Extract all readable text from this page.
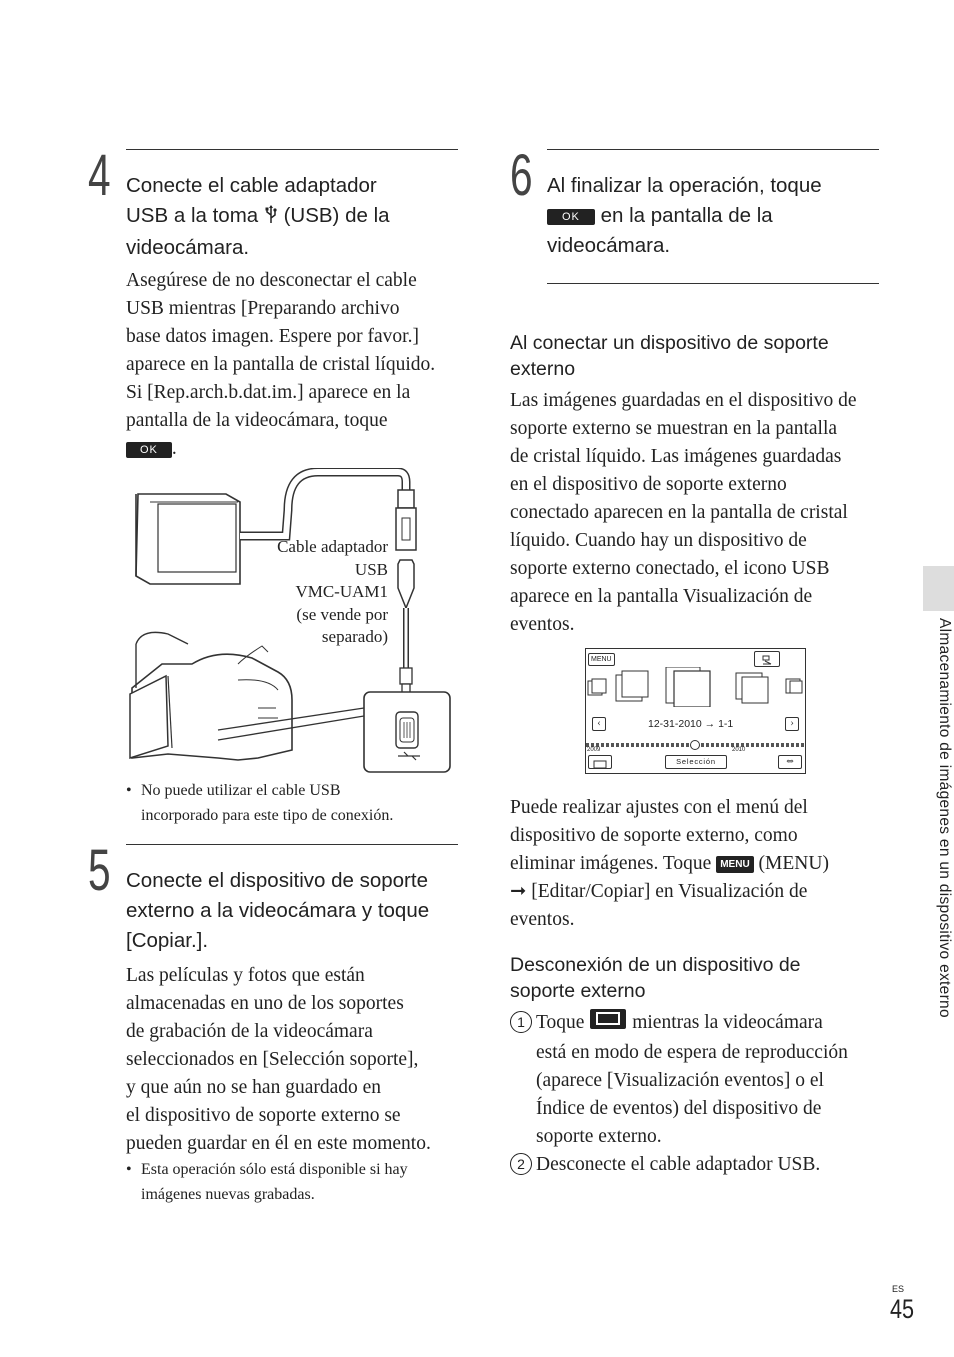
4 Conecte el cable adaptador
USB a la toma  (USB) de la
videocámara.
Asegúrese de no desconectar el cable
USB mientras [Preparando archivo
base datos imagen. Espere por favor.]
aparece en la pantalla de cristal líquido.
Si [Rep.arch.b.dat.im.] aparece en la
pantalla de la videocámara, toque
OK .
Cable adaptador
USB
VMC-UAM1
(se vende por
separado)
• No puede utilizar el cable USB
incorporado para este tipo de conexión.
5 Conecte el dispositivo de soporte
externo a la videocámara y toque
[Copiar.].
Las películas y fotos que están
almacenadas en uno de los soportes
de grabación de la videocámara
seleccionados en [Selección soporte],
y que aún no se han guardado en
el dispositivo de soporte externo se
pueden guardar en él en este momento.
• Esta operación sólo está disponible si hay
imágenes nuevas grabadas.
6 Al finalizar la operación, toque
OK en la pantalla de la
videocámara.
Al conectar un dispositivo de soporte
externo
Las imágenes guardadas en el dispositivo de
soporte externo se muestran en la pantalla
de cristal líquido. Las imágenes guardadas
en el dispositivo de soporte externo
conectado aparecen en la pantalla de cristal
líquido. Cuando hay un dispositivo de
soporte externo conectado, el icono USB
aparece en la pantalla Visualización de
eventos.
MENU
‹	12-31-2010 → 1-1	›
2009	2010
Selección	⇔
Puede realizar ajustes con el menú del
dispositivo de soporte externo, como
eliminar imágenes. Toque MENU (MENU)
➞ [Editar/Copiar] en Visualización de
eventos.
Desconexión de un dispositivo de
soporte externo
1 Toque  mientras la videocámara
está en modo de espera de reproducción
(aparece [Visualización eventos] o el
Índice de eventos) del dispositivo de
soporte externo.
2 Desconecte el cable adaptador USB.
Almacenamiento de imágenes en un dispositivo externo
ES
45
